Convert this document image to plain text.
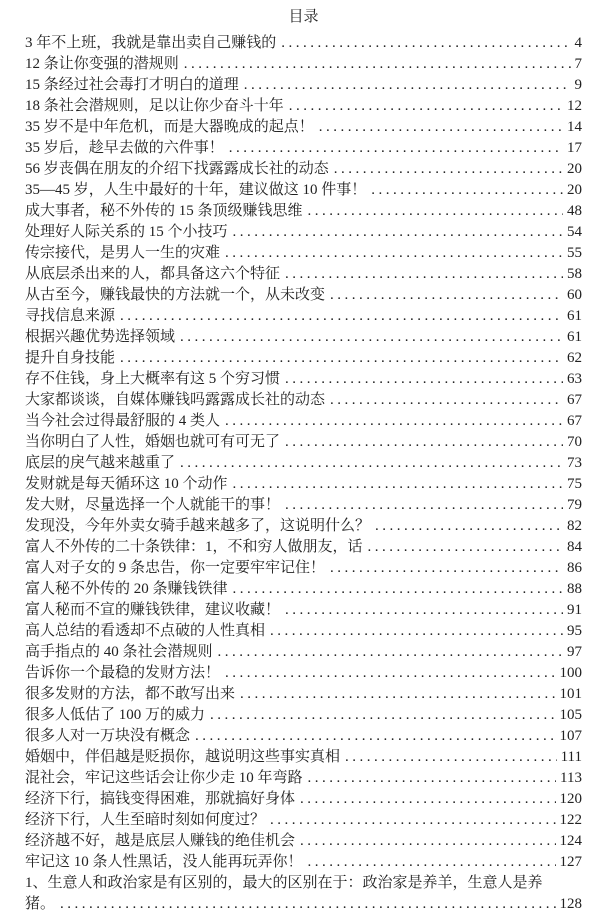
目录
3 年不上班，我就是靠出卖自己赚钱的 .....	4
12 条让你变强的潜规则 .....	7
15 条经过社会毒打才明白的道理 .....	9
18 条社会潜规则，足以让你少奋斗十年 .....	12
35 岁不是中年危机，而是大器晚成的起点！ .....	14
35 岁后，趁早去做的六件事！ .....	17
56 岁丧偶在朋友的介绍下找露露成长社的动态 .....	20
35—45 岁，人生中最好的十年，建议做这 10 件事！ .....	20
成大事者，秘不外传的 15 条顶级赚钱思维 .....	48
处理好人际关系的 15 个小技巧 .....	54
传宗接代，是男人一生的灾难 .....	55
从底层杀出来的人，都具备这六个特征 .....	58
从古至今，赚钱最快的方法就一个，从未改变 .....	60
寻找信息来源 .....	61
根据兴趣优势选择领域 .....	61
提升自身技能 .....	62
存不住钱，身上大概率有这 5 个穷习惯 .....	63
大家都谈谈，自媒体赚钱吗露露成长社的动态 .....	67
当今社会过得最舒服的 4 类人 .....	67
当你明白了人性，婚姻也就可有可无了 .....	70
底层的戾气越来越重了 .....	73
发财就是每天循环这 10 个动作 .....	75
发大财，尽量选择一个人就能干的事！ .....	79
发现没，今年外卖女骑手越来越多了，这说明什么？ .....	82
富人不外传的二十条铁律：1，不和穷人做朋友，话 .....	84
富人对子女的 9 条忠告，你一定要牢牢记住！ .....	86
富人秘不外传的 20 条赚钱铁律 .....	88
富人秘而不宣的赚钱铁律，建议收藏！ .....	91
高人总结的看透却不点破的人性真相 .....	95
高手指点的 40 条社会潜规则 .....	97
告诉你一个最稳的发财方法！ .....	100
很多发财的方法，都不敢写出来 .....	101
很多人低估了 100 万的威力 .....	105
很多人对一万块没有概念 .....	107
婚姻中，伴侣越是贬损你，越说明这些事实真相 .....	111
混社会，牢记这些话会让你少走 10 年弯路 .....	113
经济下行，搞钱变得困难，那就搞好身体 .....	120
经济下行，人生至暗时刻如何度过？ .....	122
经济越不好，越是底层人赚钱的绝佳机会 .....	124
牢记这 10 条人性黑话，没人能再玩弄你！ .....	127
1、生意人和政治家是有区别的，最大的区别在于：政治家是养羊，生意人是养
猪。 .....	128
